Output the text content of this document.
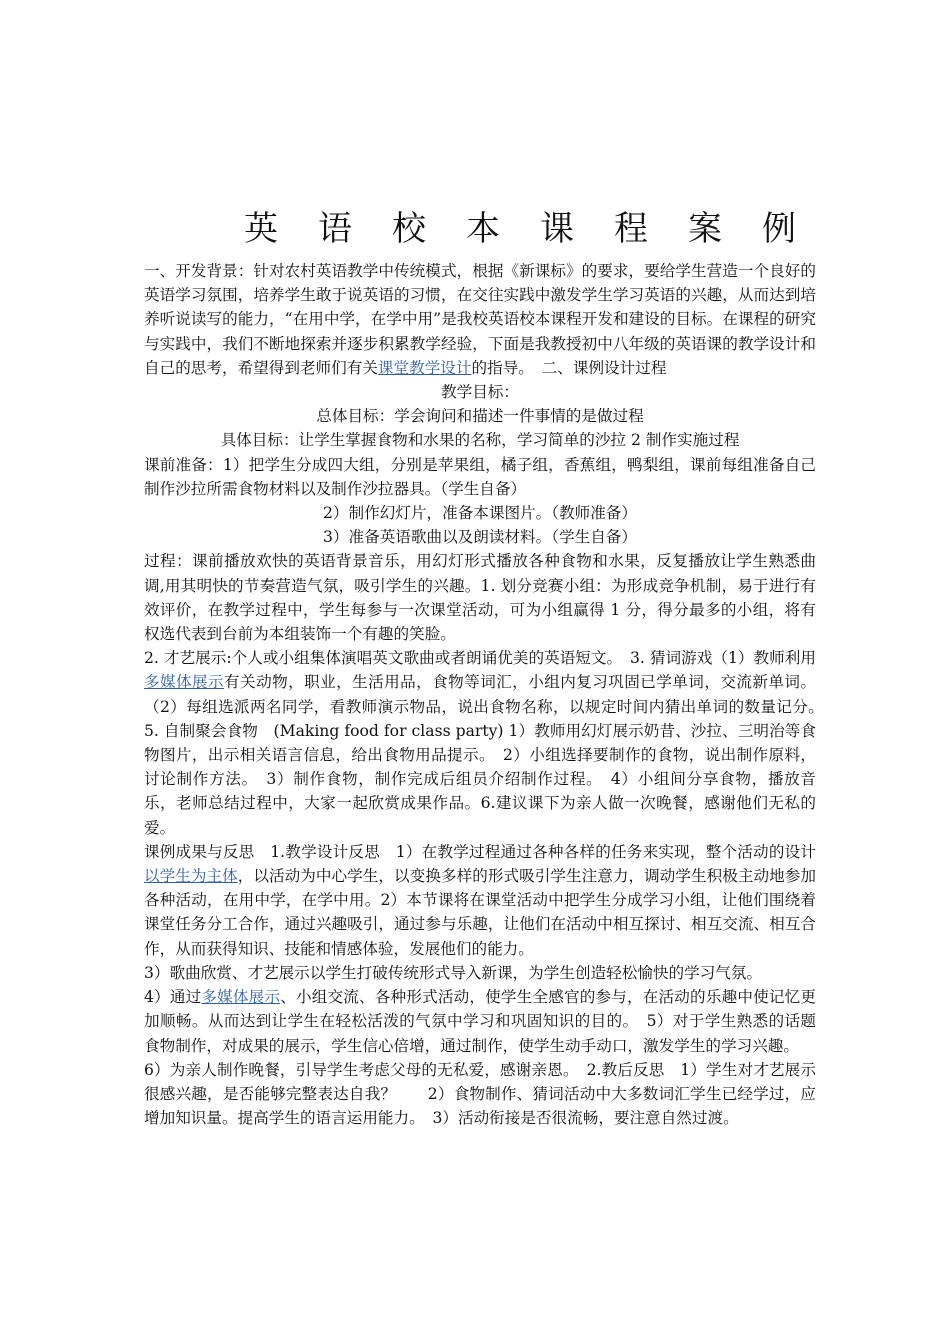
英语校本课程案例

一、开发背景：针对农村英语教学中传统模式，根据《新课标》的要求，要给学生营造一个良好的英语学习氛围，培养学生敢于说英语的习惯，在交往实践中激发学生学习英语的兴趣，从而达到培养听说读写的能力，“在用中学，在学中用”是我校英语校本课程开发和建设的目标。在课程的研究与实践中，我们不断地探索并逐步积累教学经验，下面是我教授初中八年级的英语课的教学设计和自己的思考，希望得到老师们有关课堂教学设计的指导。　二、课例设计过程

教学目标：

总体目标：学会询问和描述一件事情的是做过程

具体目标：让学生掌握食物和水果的名称，学习简单的沙拉 2 制作实施过程

课前准备：1）把学生分成四大组，分别是苹果组，橘子组，香蕉组，鸭梨组，课前每组准备自己制作沙拉所需食物材料以及制作沙拉器具。（学生自备）

2）制作幻灯片，准备本课图片。（教师准备）

3）准备英语歌曲以及朗读材料。（学生自备）

过程：课前播放欢快的英语背景音乐，用幻灯形式播放各种食物和水果，反复播放让学生熟悉曲调,用其明快的节奏营造气氛，吸引学生的兴趣。1. 划分竞赛小组：为形成竞争机制，易于进行有效评价，在教学过程中，学生每参与一次课堂活动，可为小组赢得 1 分，得分最多的小组，将有权选代表到台前为本组装饰一个有趣的笑脸。

2. 才艺展示:个人或小组集体演唱英文歌曲或者朗诵优美的英语短文。　3. 猜词游戏（1）教师利用多媒体展示有关动物，职业，生活用品，食物等词汇，小组内复习巩固已学单词，交流新单词。（2）每组选派两名同学，看教师演示物品，说出食物名称，以规定时间内猜出单词的数量记分。　5. 自制聚会食物　(Making food for class party) 1）教师用幻灯展示奶昔、沙拉、三明治等食物图片，出示相关语言信息，给出食物用品提示。　2）小组选择要制作的食物，说出制作原料，讨论制作方法。　3）制作食物，制作完成后组员介绍制作过程。　4）小组间分享食物，播放音乐，老师总结过程中，大家一起欣赏成果作品。6.建议课下为亲人做一次晚餐，感谢他们无私的爱。

课例成果与反思　1.教学设计反思　1）在教学过程通过各种各样的任务来实现，整个活动的设计以学生为主体，以活动为中心学生，以变换多样的形式吸引学生注意力，调动学生积极主动地参加各种活动，在用中学，在学中用。2）本节课将在课堂活动中把学生分成学习小组，让他们围绕着课堂任务分工合作，通过兴趣吸引，通过参与乐趣，让他们在活动中相互探讨、相互交流、相互合作，从而获得知识、技能和情感体验，发展他们的能力。

3）歌曲欣赏、才艺展示以学生打破传统形式导入新课，为学生创造轻松愉快的学习气氛。

4）通过多媒体展示、小组交流、各种形式活动，使学生全感官的参与，在活动的乐趣中使记忆更加顺畅。从而达到让学生在轻松活泼的气氛中学习和巩固知识的目的。　5）对于学生熟悉的话题食物制作，对成果的展示，学生信心倍增，通过制作，使学生动手动口，激发学生的学习兴趣。

6）为亲人制作晚餐，引导学生考虑父母的无私爱，感谢亲恩。　2.教后反思　1）学生对才艺展示很感兴趣，是否能够完整表达自我？　　2）食物制作、猜词活动中大多数词汇学生已经学过，应增加知识量。提高学生的语言运用能力。　3）活动衔接是否很流畅，要注意自然过渡。
